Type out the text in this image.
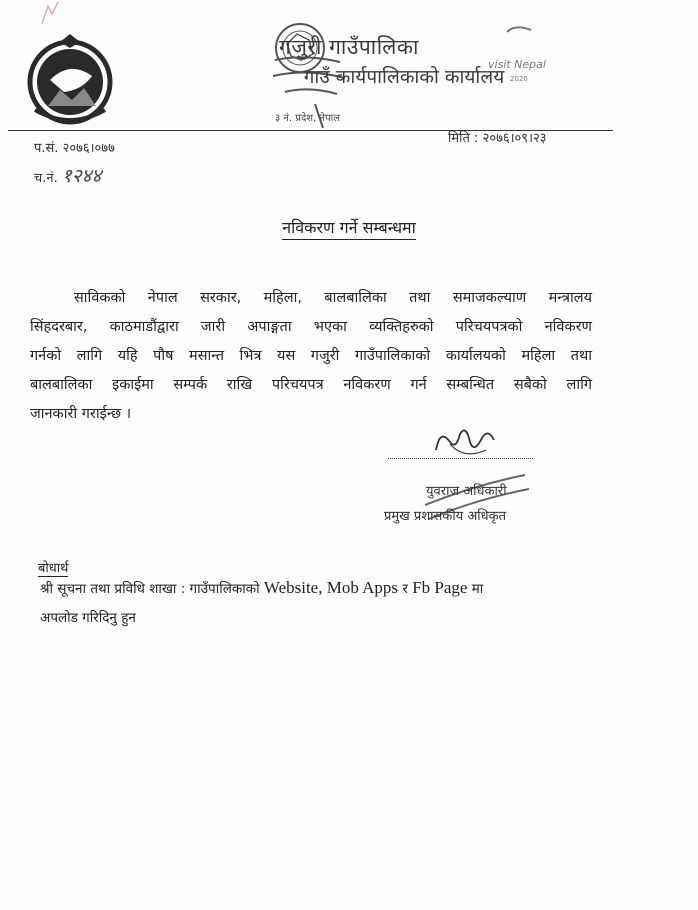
गजुरी गाउँपालिका
गाउँ कार्यपालिकाको कार्यालय
३ नं. प्रदेश, नेपाल
visit Nepal
2020
प.सं. २०७६।०७७
च.नं. १२४४
मिति : २०७६।०९।२३
नविकरण गर्ने सम्बन्धमा
साविकको नेपाल सरकार, महिला, बालबालिका तथा समाजकल्याण मन्त्रालय
सिंहदरबार, काठमाडौंद्वारा जारी अपाङ्गता भएका व्यक्तिहरुको परिचयपत्रको नविकरण
गर्नको लागि यहि पौष मसान्त भित्र यस गजुरी गाउँपालिकाको कार्यालयको महिला तथा
बालबालिका इकाईमा सम्पर्क राखि परिचयपत्र नविकरण गर्न सम्बन्धित सबैको लागि
जानकारी गराईन्छ ।
युवराज अधिकारी
प्रमुख प्रशासकीय अधिकृत
बोधार्थ
श्री सूचना तथा प्रविधि शाखा : गाउँपालिकाको Website, Mob Apps र Fb Page मा
अपलोड गरिदिनु हुन
